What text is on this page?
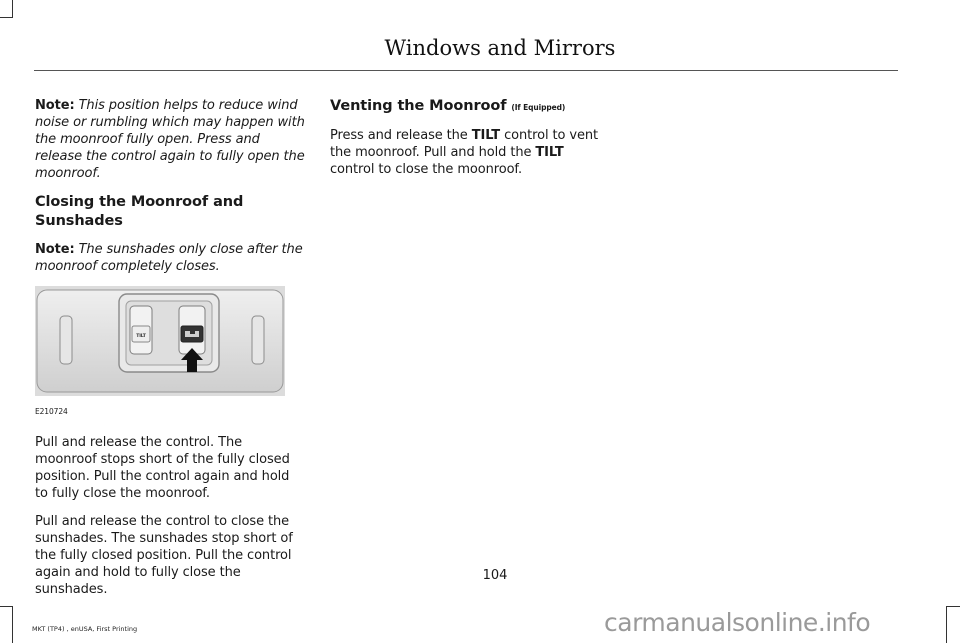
Windows and Mirrors

Note: This position helps to reduce wind noise or rumbling which may happen with the moonroof fully open. Press and release the control again to fully open the moonroof.

Closing the Moonroof and Sunshades

Note: The sunshades only close after the moonroof completely closes.

TILT
E210724

Pull and release the control. The moonroof stops short of the fully closed position. Pull the control again and hold to fully close the moonroof.

Pull and release the control to close the sunshades. The sunshades stop short of the fully closed position. Pull the control again and hold to fully close the sunshades.

Venting the Moonroof (If Equipped)

Press and release the TILT control to vent the moonroof. Pull and hold the TILT control to close the moonroof.

104
MKT (TP4) , enUSA, First Printing	carmanualsonline.info
